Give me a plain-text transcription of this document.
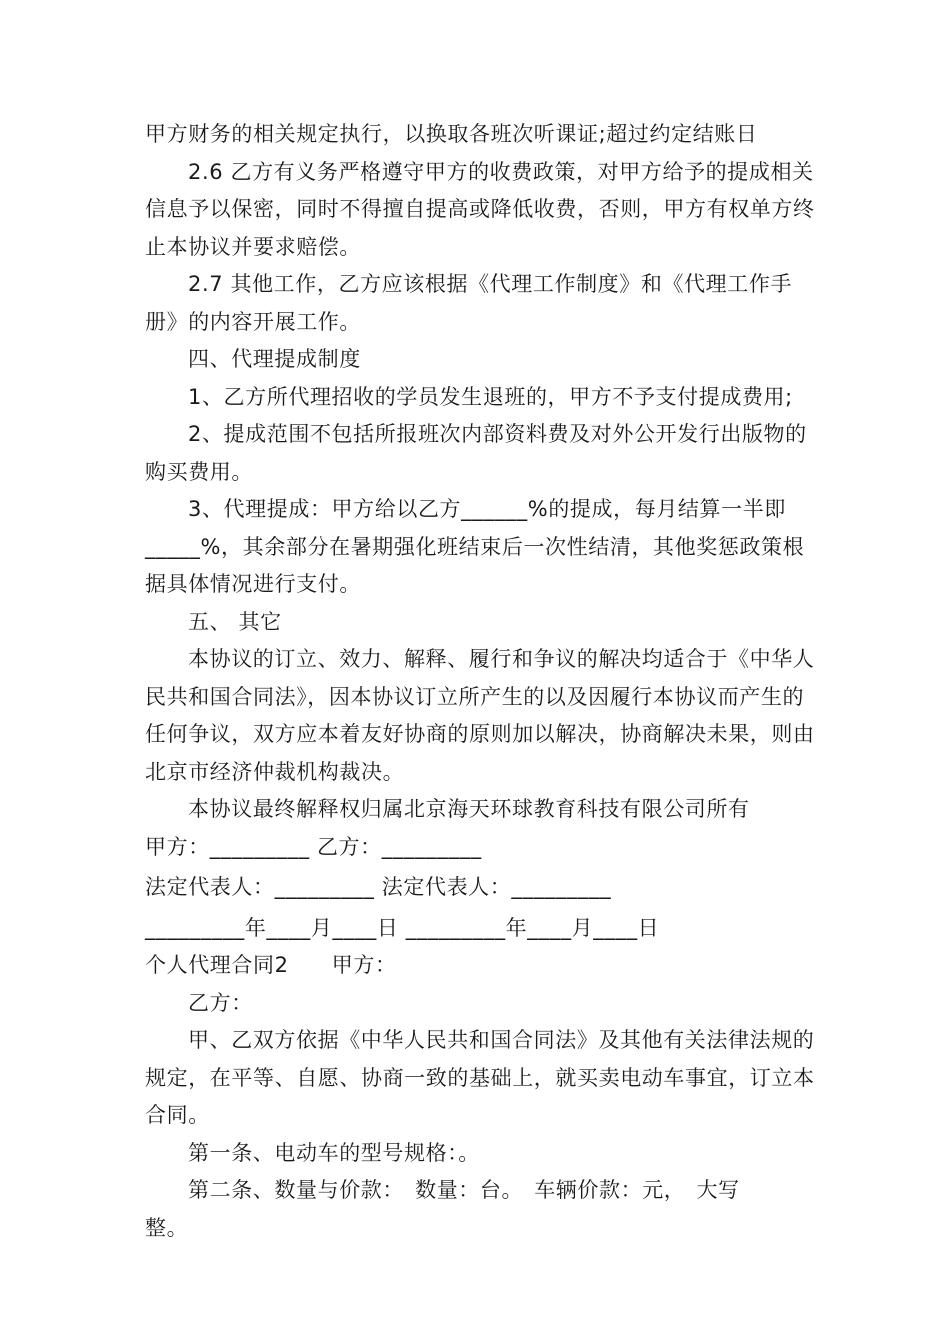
甲方财务的相关规定执行，以换取各班次听课证;超过约定结账日

2.6 乙方有义务严格遵守甲方的收费政策，对甲方给予的提成相关信息予以保密，同时不得擅自提高或降低收费，否则，甲方有权单方终止本协议并要求赔偿。

2.7 其他工作，乙方应该根据《代理工作制度》和《代理工作手册》的内容开展工作。

四、代理提成制度

1、乙方所代理招收的学员发生退班的，甲方不予支付提成费用;

2、提成范围不包括所报班次内部资料费及对外公开发行出版物的购买费用。

3、代理提成：甲方给以乙方______%的提成，每月结算一半即_____%，其余部分在暑期强化班结束后一次性结清，其他奖惩政策根据具体情况进行支付。

五、 其它

本协议的订立、效力、解释、履行和争议的解决均适合于《中华人民共和国合同法》，因本协议订立所产生的以及因履行本协议而产生的任何争议，双方应本着友好协商的原则加以解决，协商解决未果，则由北京市经济仲裁机构裁决。

本协议最终解释权归属北京海天环球教育科技有限公司所有

甲方：_________ 乙方：_________

法定代表人：_________ 法定代表人：_________

_________年____月____日 _________年____月____日

个人代理合同2　　甲方：

乙方：

甲、乙双方依据《中华人民共和国合同法》及其他有关法律法规的规定，在平等、自愿、协商一致的基础上，就买卖电动车事宜，订立本合同。

第一条、电动车的型号规格：。

第二条、数量与价款：　数量：台。　车辆价款：元，　大写

整。
